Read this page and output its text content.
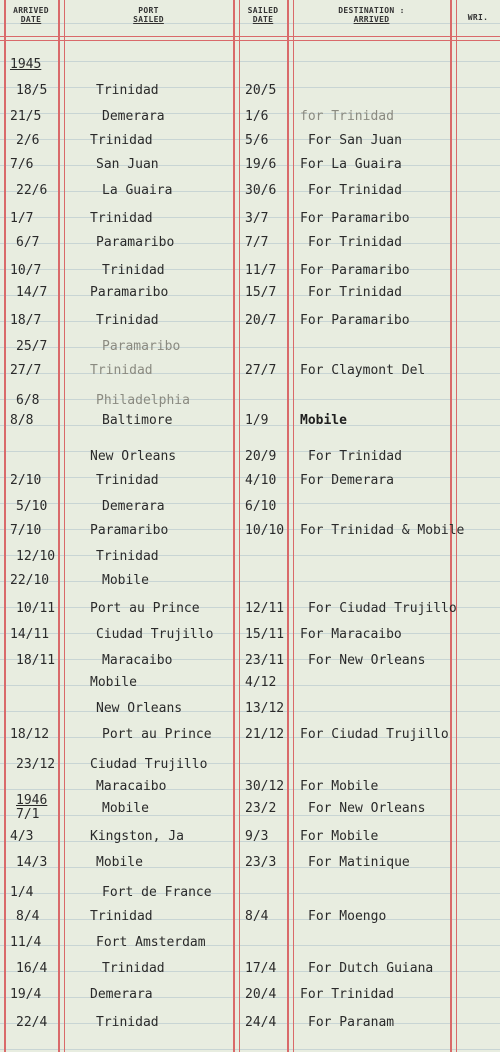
ARRIVED
DATE
PORT
SAILED
SAILED
DATE
DESTINATION :
ARRIVED	WRI.
1945
18/5	Trinidad	20/5
21/5	Demerara	1/6 for Trinidad
2/6	Trinidad	5/6	For San Juan
7/6	San Juan	19/6 For La Guaira
22/6	La Guaira	30/6 For Trinidad
1/7	Trinidad	3/7 For Paramaribo
6/7	Paramaribo	7/7	For Trinidad
10/7	Trinidad	11/7 For Paramaribo
14/7	Paramaribo	15/7 For Trinidad
18/7	Trinidad	20/7 For Paramaribo
25/7	Paramaribo
27/7	Trinidad	27/7 For Claymont Del
6/8	Philadelphia
8/8	Baltimore	1/9 Mobile
New Orleans	20/9 For Trinidad
2/10	Trinidad	4/10 For Demerara
5/10	Demerara	6/10
7/10	Paramaribo	10/10 For Trinidad & Mobile
12/10	Trinidad
22/10	Mobile
10/11	Port au Prince	12/11 For Ciudad Trujillo
14/11	Ciudad Trujillo 15/11 For Maracaibo
18/11	Maracaibo	23/11 For New Orleans
Mobile	4/12
New Orleans	13/12
18/12	Port au Prince	21/12 For Ciudad Trujillo
23/12	Ciudad Trujillo
Maracaibo	30/12 For Mobile
1946
7/1	Mobile	23/2 For New Orleans
4/3	Kingston, Ja	9/3 For Mobile
14/3	Mobile	23/3 For Matinique
1/4	Fort de France
8/4	Trinidad	8/4	For Moengo
11/4	Fort Amsterdam
16/4	Trinidad	17/4 For Dutch Guiana
19/4	Demerara	20/4 For Trinidad
22/4	Trinidad	24/4 For Paranam
